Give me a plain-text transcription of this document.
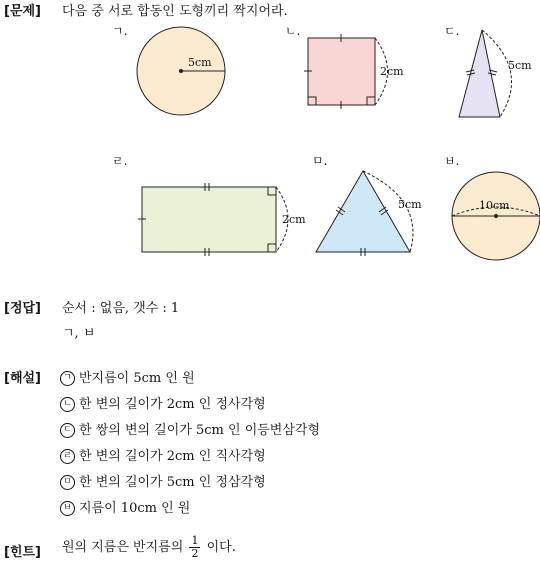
[문제] 다음 중 서로 합동인 도형끼리 짝지어라.
ㄱ.	ㄴ.	ㄷ.
ㄹ.	ㅁ.	ㅂ.
5cm
2cm	5cm
2cm
5cm	10cm
[정답] 순서 : 없음, 갯수 : 1
ㄱ, ㅂ
[해설]	ㄱ 반지름이 5cm 인 원
ㄴ 한 변의 길이가 2cm 인 정사각형
ㄷ 한 쌍의 변의 길이가 5cm 인 이등변삼각형
ㄹ 한 변의 길이가 2cm 인 직사각형
ㅁ 한 변의 길이가 5cm 인 정삼각형
ㅂ 지름이 10cm 인 원
[힌트] 원의 지름은 반지름의 $\frac{1}{2}$ 이다.
